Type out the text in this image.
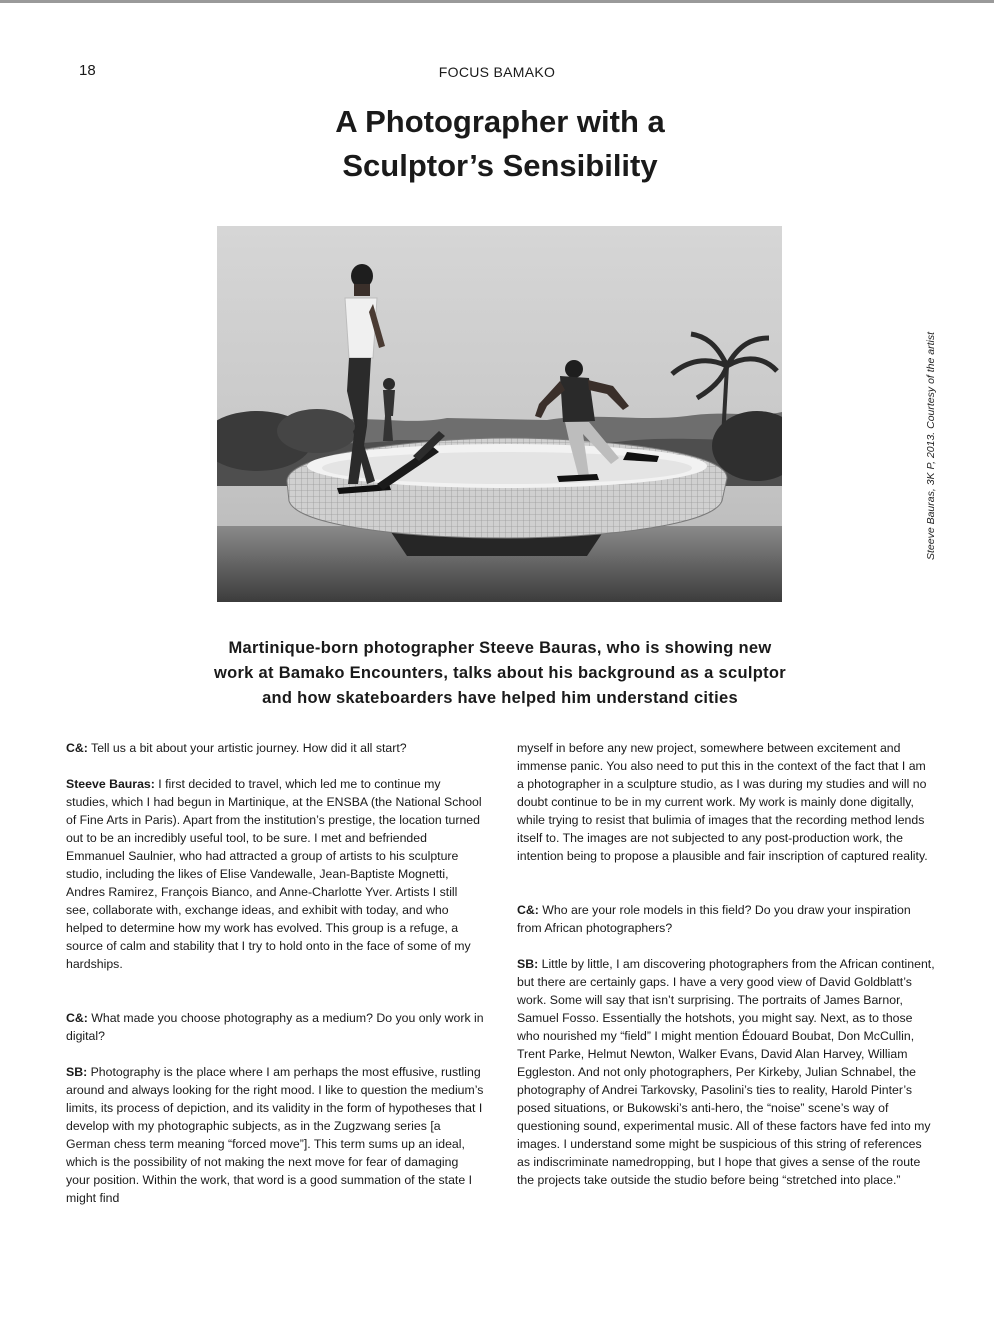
18	FOCUS BAMAKO
A Photographer with a
Sculptor’s Sensibility
Steeve Bauras, 3K P, 2013. Courtesy of the artist

Martinique-born photographer Steeve Bauras, who is showing new
work at Bamako Encounters, talks about his background as a sculptor
and how skateboarders have helped him understand cities

C&: Tell us a bit about your artistic journey. How did it all start?

Steeve Bauras: I first decided to travel, which led me to continue my studies, which I had begun in Martinique, at the ENSBA (the National School of Fine Arts in Paris). Apart from the institution’s prestige, the location turned out to be an incredibly useful tool, to be sure. I met and befriended Emmanuel Saulnier, who had attracted a group of artists to his sculpture studio, including the likes of Elise Vandewalle, Jean-Baptiste Mognetti, Andres Ramirez, François Bianco, and Anne-Charlotte Yver. Artists I still see, collaborate with, exchange ideas, and exhibit with today, and who helped to determine how my work has evolved. This group is a refuge, a source of calm and stability that I try to hold onto in the face of some of my hardships.

C&: What made you choose photography as a medium? Do you only work in digital?

SB: Photography is the place where I am perhaps the most effusive, rustling around and always looking for the right mood. I like to question the medium’s limits, its process of depiction, and its validity in the form of hypotheses that I develop with my photographic subjects, as in the Zugzwang series [a German chess term meaning “forced move”]. This term sums up an ideal, which is the possibility of not making the next move for fear of damaging your position. Within the work, that word is a good summation of the state I might find

myself in before any new project, somewhere between excitement and immense panic. You also need to put this in the context of the fact that I am a photographer in a sculpture studio, as I was during my studies and will no doubt continue to be in my current work. My work is mainly done digitally, while trying to resist that bulimia of images that the recording method lends itself to. The images are not subjected to any post-production work, the intention being to propose a plausible and fair inscription of captured reality.

C&: Who are your role models in this field? Do you draw your inspiration from African photographers?

SB: Little by little, I am discovering photographers from the African continent, but there are certainly gaps. I have a very good view of David Goldblatt’s work. Some will say that isn’t surprising. The portraits of James Barnor, Samuel Fosso. Essentially the hotshots, you might say. Next, as to those who nourished my “field” I might mention Édouard Boubat, Don McCullin, Trent Parke, Helmut Newton, Walker Evans, David Alan Harvey, William Eggleston. And not only photographers, Per Kirkeby, Julian Schnabel, the photography of Andrei Tarkovsky, Pasolini’s ties to reality, Harold Pinter’s posed situations, or Bukowski’s anti-hero, the “noise” scene’s way of questioning sound, experimental music. All of these factors have fed into my images. I understand some might be suspicious of this string of references as indiscriminate namedropping, but I hope that gives a sense of the route the projects take outside the studio before being “stretched into place.”
